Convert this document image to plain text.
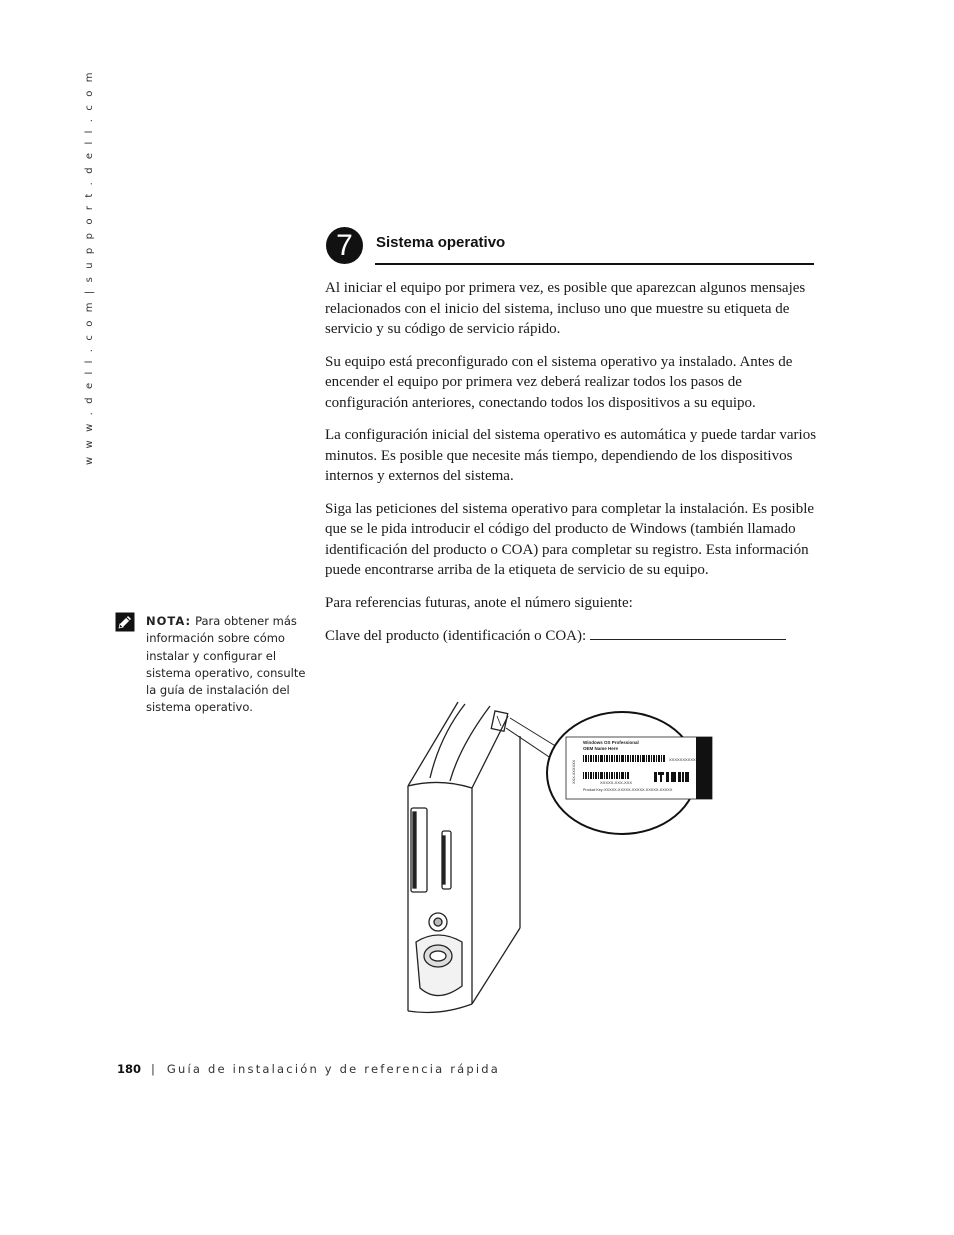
w w w . d e l l . c o m | s u p p o r t . d e l l . c o m	7	Sistema operativo

Al iniciar el equipo por primera vez, es posible que aparezcan algunos mensajes relacionados con el inicio del sistema, incluso uno que muestre su etiqueta de servicio y su código de servicio rápido.

Su equipo está preconfigurado con el sistema operativo ya instalado. Antes de encender el equipo por primera vez deberá realizar todos los pasos de configuración anteriores, conectando todos los dispositivos a su equipo.

La configuración inicial del sistema operativo es automática y puede tardar varios minutos. Es posible que necesite más tiempo, dependiendo de los dispositivos internos y externos del sistema.

Siga las peticiones del sistema operativo para completar la instalación. Es posible que se le pida introducir el código del producto de Windows (también llamado identificación del producto o COA) para completar su registro. Esta información puede encontrarse arriba de la etiqueta de servicio de su equipo.

Para referencias futuras, anote el número siguiente:

Clave del producto (identificación o COA):

NOTA: Para obtener más información sobre cómo instalar y configurar el sistema operativo, consulte la guía de instalación del sistema operativo.
Windows OS Professional
OEM Name Here
XXXXXXXXXX
XXXXX-XXX-XXX
Product Key: XXXXX-XXXXX-XXXXX-XXXXX-XXXXX
XXX-XXXXXX
180 | Guía de instalación y de referencia rápida
